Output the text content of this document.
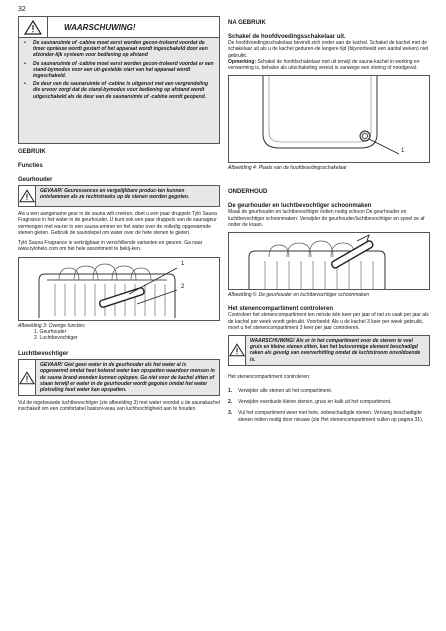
32
WAARSCHUWING!
• De saunaruimte of -cabine moet eerst worden gecon-troleerd voordat de timer opnieuw wordt gestart of het apparaat wordt ingeschakeld door een afzonder-lijk systeem voor bediening op afstand
• De saunaruimte of -cabine moet eerst worden gecon-troleerd voordat er een stand-bymodus voor een uit-gestelde start van het apparaat wordt ingeschakeld.
• De deur van de saunaruimte of -cabine is uitgerust met een vergrendeling die ervoor zorgt dat de stand-bymodus voor bediening op afstand wordt uitgeschakeld als de deur van de saunaruimte of -cabine wordt geopend.

GEBRUIK

Functies

Geurhouder

GEVAAR! Geuressences en vergelijkbare produc-ten kunnen ontvlammen als ze rechtstreeks op de stenen worden gegoten.
Als u een aangename geur in de sauna wilt creëren, doet u een paar druppels Tylö Sauna Fragrance in het water in de geurhouder. U kunt ook een paar druppels van de saunageur vermengen met wa-ter in een sauna-emmer en het water over de volledig opgewarmde stenen gieten. Gebruik de saunolepel om water over de hete stenen te gieten.
Tylö Sauna Fragrance is verkrijgbaar in verschillende varianten en geuren. Ga naar www.tylohelo.com om het hele assortiment te bekij-ken.
1
2
Afbeelding 3: Overige functies
1. Geurhouder
2. Luchtbevochtiger

Luchtbevochtiger

GEVAAR! Giet geen water in de geurhouder als het water al is opgewarmd omdat heet kokend water kan opspatten waardoor mensen in de sauna brand-wonden kunnen oplopen. Ga niet voor de kachel zitten of staan terwijl er water in de geurhouder wordt gegoten omdat het water plotseling heet water kan opspatten.
Vul de ingebouwde luchtbevochtiger (zie afbeelding 3) met water voordat u de saunakachel inschakelt om een comfortabel basisni-veau van luchtvochtigheid aan te houden.

NA GEBRUIK

Schakel de hoofdvoedingsschakelaar uit.

De hoofdvoedingsschakelaar bevindt zich onder aan de kachel. Schakel de kachel met de schakelaar uit als u de kachel geduren-de langere tijd (bijvoorbeeld een aantal weken) niet gebruikt.
Opmerking: Schakel de hoofdschakelaar niet uit terwijl de sauna-kachel in werking en verwarming is, behalve als uitschakeling vereist is vanwege een storing of noodgeval.
1
Afbeelding 4: Plaats van de hoofdvoedingsschakelaar

ONDERHOUD

De geurhouder en luchtbevochtiger schoonmaken

Maak de geurhouder en luchtbevochtiger indien nodig schoon De geurhouder en luchtbevochtiger schoonmaken: Verwijder de geurhouder/luchtbevochtiger en spoel ze af onder de kraan.
Afbeelding 5: De geurhouder en luchtbevochtiger schoonmaken

Het stenencompartiment controleren

Controleer het stenencompartiment ten minste één keer per jaar of net zo vaak per jaar als de kachel per week wordt gebruikt. Voorbeeld: Als u de kachel 3 keer per week gebruikt, moet u het stenencompartiment 3 keer per jaar controleren.
WAARSCHUWING! Als er in het compartiment voor de stenen te veel gruis en kleine stenen zitten, kan het buisvormige element beschadigd raken als gevolg van oververhitting omdat de luchtstroom onvoldoende is.
Het stenencompartiment controleren:
1.	Verwijder alle stenen uit het compartiment.
2.	Verwijder eventuele kleine stenen, gruis en kalk uit het compartiment.
3.	Vul het compartiment weer met hele, onbeschadigde stenen. Vervang beschadigde stenen indien nodig door nieuwe (zie Het stenencompartiment vullen op pagina 31).
